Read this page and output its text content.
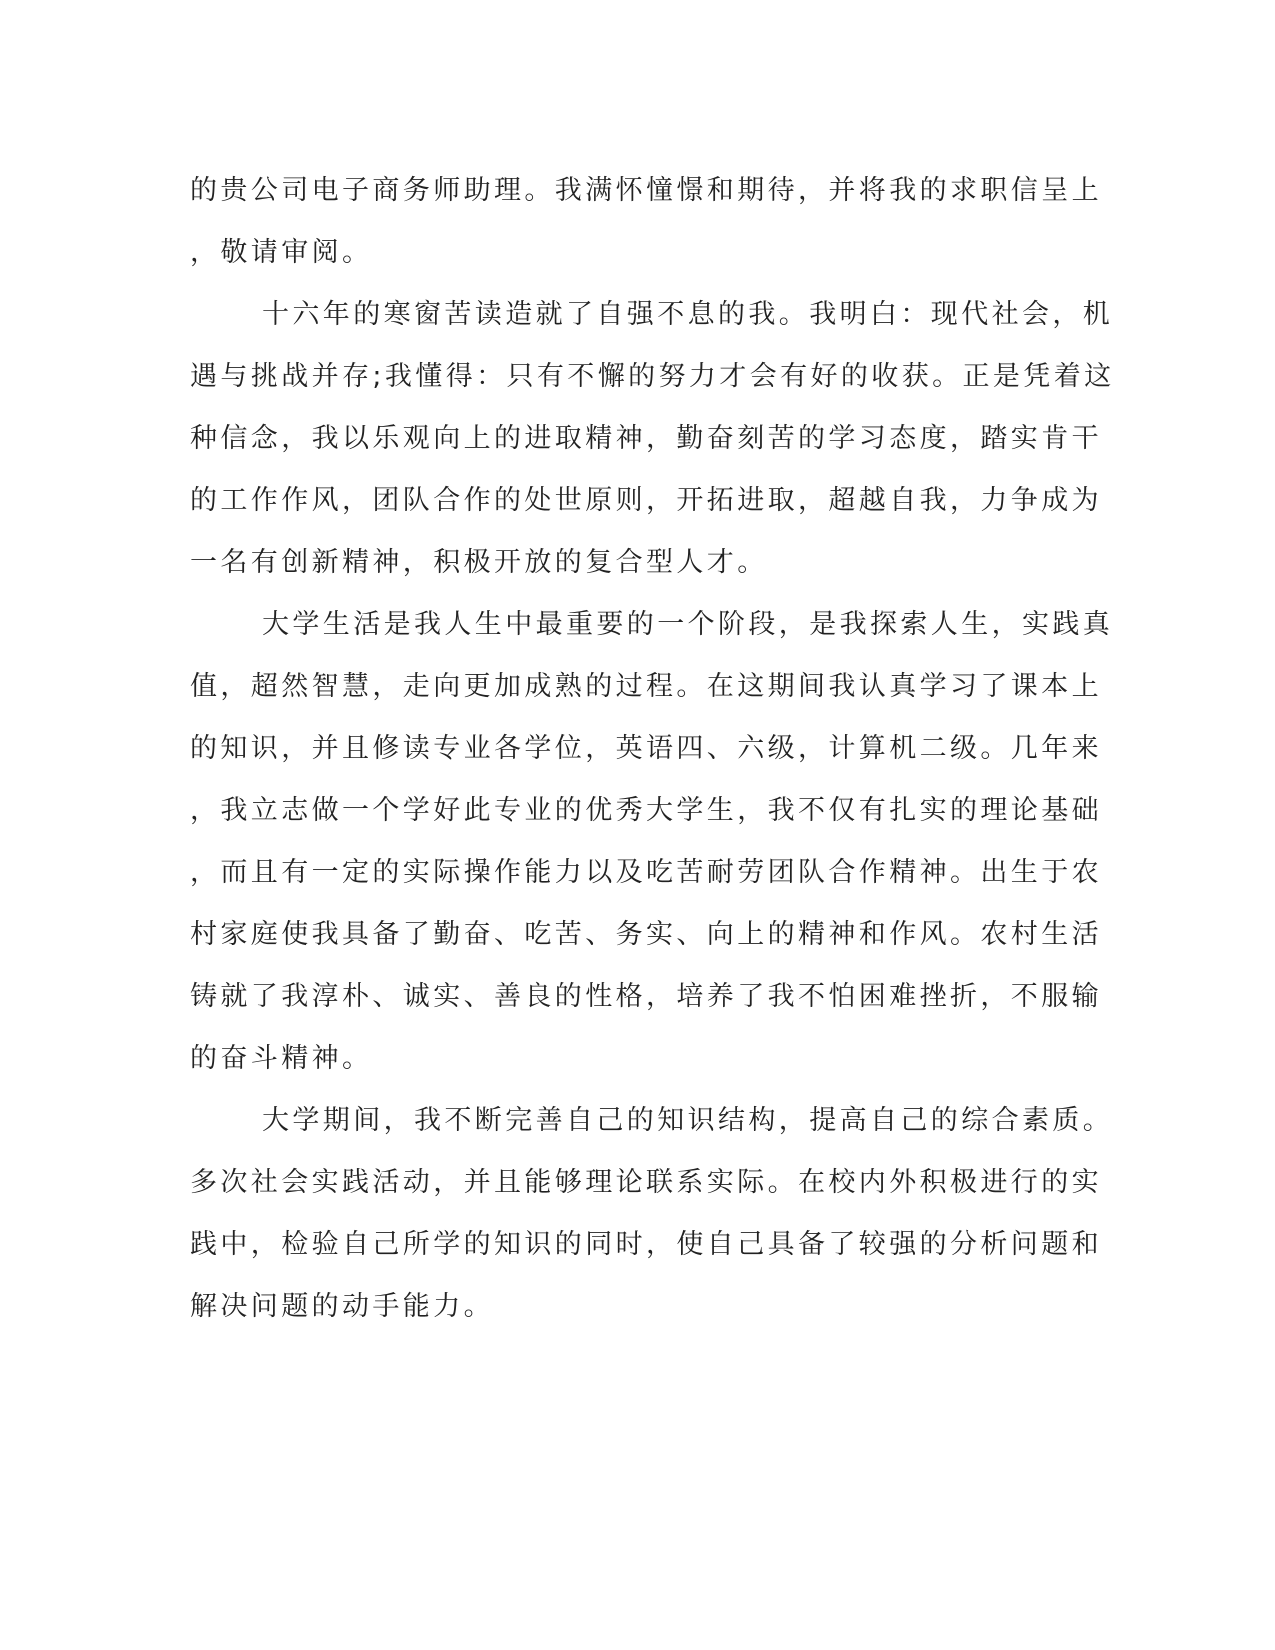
的贵公司电子商务师助理。我满怀憧憬和期待，并将我的求职信呈上
，敬请审阅。
十六年的寒窗苦读造就了自强不息的我。我明白：现代社会，机
遇与挑战并存;我懂得：只有不懈的努力才会有好的收获。正是凭着这
种信念，我以乐观向上的进取精神，勤奋刻苦的学习态度，踏实肯干
的工作作风，团队合作的处世原则，开拓进取，超越自我，力争成为
一名有创新精神，积极开放的复合型人才。
大学生活是我人生中最重要的一个阶段，是我探索人生，实践真
值，超然智慧，走向更加成熟的过程。在这期间我认真学习了课本上
的知识，并且修读专业各学位，英语四、六级，计算机二级。几年来
，我立志做一个学好此专业的优秀大学生，我不仅有扎实的理论基础
，而且有一定的实际操作能力以及吃苦耐劳团队合作精神。出生于农
村家庭使我具备了勤奋、吃苦、务实、向上的精神和作风。农村生活
铸就了我淳朴、诚实、善良的性格，培养了我不怕困难挫折，不服输
的奋斗精神。
大学期间，我不断完善自己的知识结构，提高自己的综合素质。
多次社会实践活动，并且能够理论联系实际。在校内外积极进行的实
践中，检验自己所学的知识的同时，使自己具备了较强的分析问题和
解决问题的动手能力。
